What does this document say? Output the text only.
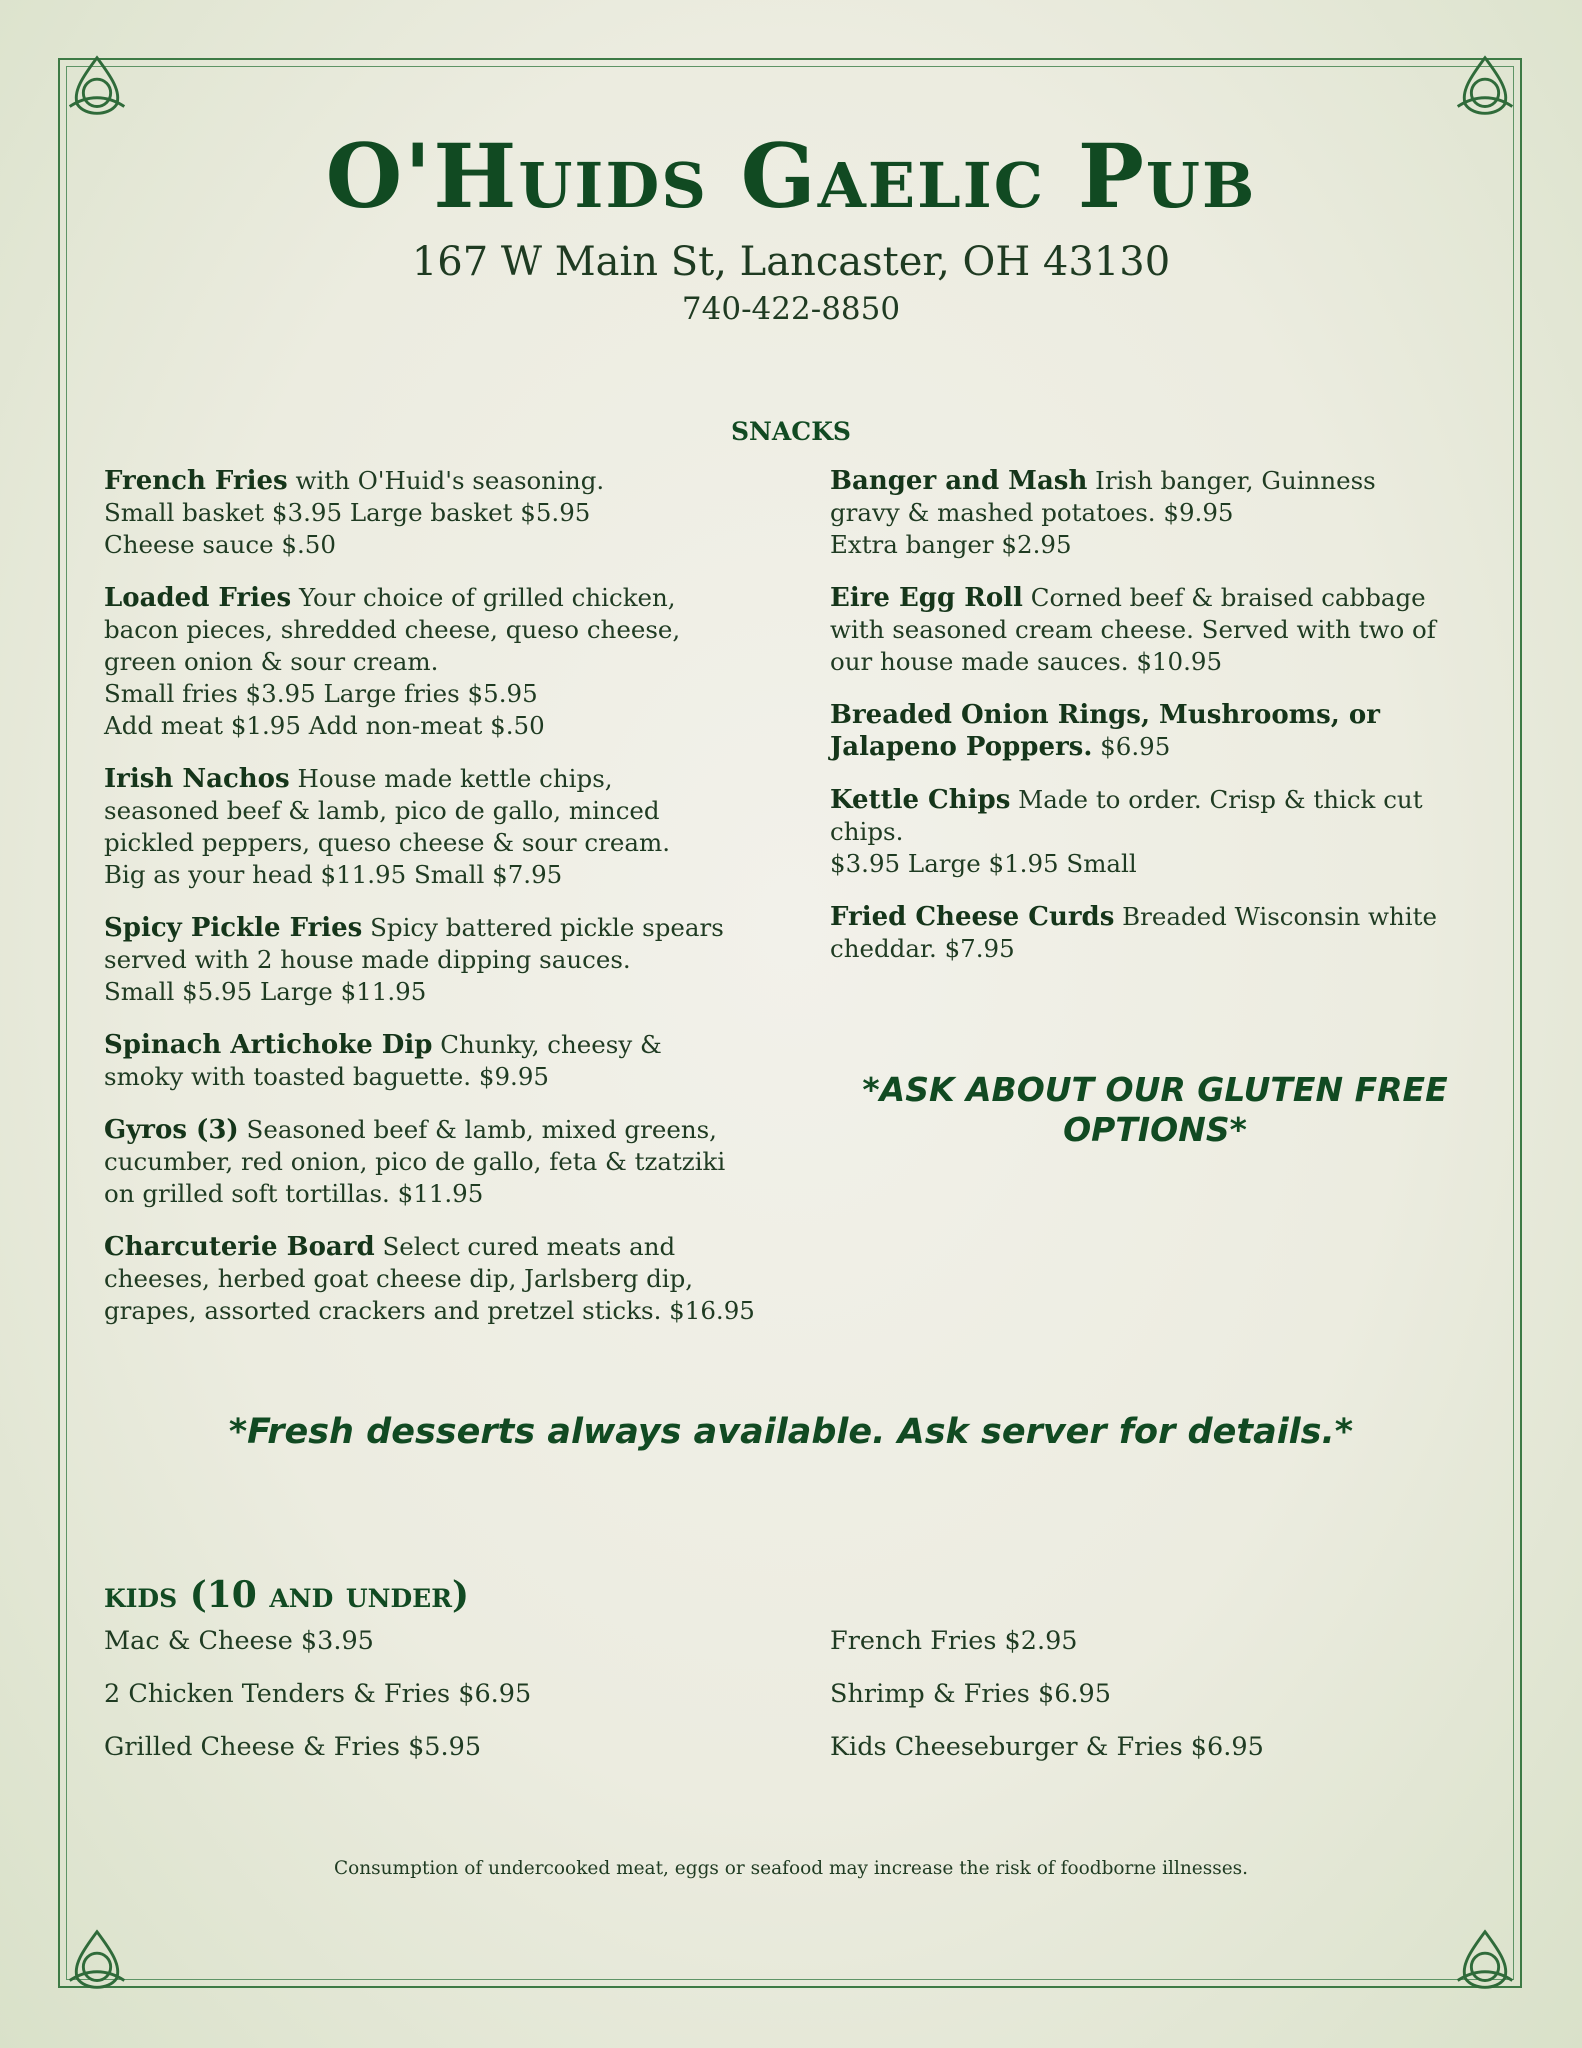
O'Huids Gaelic Pub
167 W Main St, Lancaster, OH 43130
740-422-8850
snacks
French Fries with O'Huid's seasoning.
Small basket $3.95 Large basket $5.95
Cheese sauce $.50
Loaded Fries Your choice of grilled chicken,
bacon pieces, shredded cheese, queso cheese,
green onion & sour cream.
Small fries $3.95 Large fries $5.95
Add meat $1.95 Add non-meat $.50
Irish Nachos House made kettle chips,
seasoned beef & lamb, pico de gallo, minced
pickled peppers, queso cheese & sour cream.
Big as your head $11.95 Small $7.95
Spicy Pickle Fries Spicy battered pickle spears
served with 2 house made dipping sauces.
Small $5.95 Large $11.95
Spinach Artichoke Dip Chunky, cheesy &
smoky with toasted baguette. $9.95
Gyros (3) Seasoned beef & lamb, mixed greens,
cucumber, red onion, pico de gallo, feta & tzatziki
on grilled soft tortillas. $11.95
Charcuterie Board Select cured meats and
cheeses, herbed goat cheese dip, Jarlsberg dip,
grapes, assorted crackers and pretzel sticks. $16.95
Banger and Mash Irish banger, Guinness
gravy & mashed potatoes. $9.95
Extra banger $2.95
Eire Egg Roll Corned beef & braised cabbage
with seasoned cream cheese. Served with two of
our house made sauces. $10.95
Breaded Onion Rings, Mushrooms, or Jalapeno Poppers. $6.95
Kettle Chips Made to order. Crisp & thick cut
chips.
$3.95 Large $1.95 Small
Fried Cheese Curds Breaded Wisconsin white
cheddar. $7.95
*ASK ABOUT OUR GLUTEN FREE
OPTIONS*
*Fresh desserts always available. Ask server for details.*
kids (10 and under)
Mac & Cheese $3.95
2 Chicken Tenders & Fries $6.95
Grilled Cheese & Fries $5.95
French Fries $2.95
Shrimp & Fries $6.95
Kids Cheeseburger & Fries $6.95
Consumption of undercooked meat, eggs or seafood may increase the risk of foodborne illnesses.
